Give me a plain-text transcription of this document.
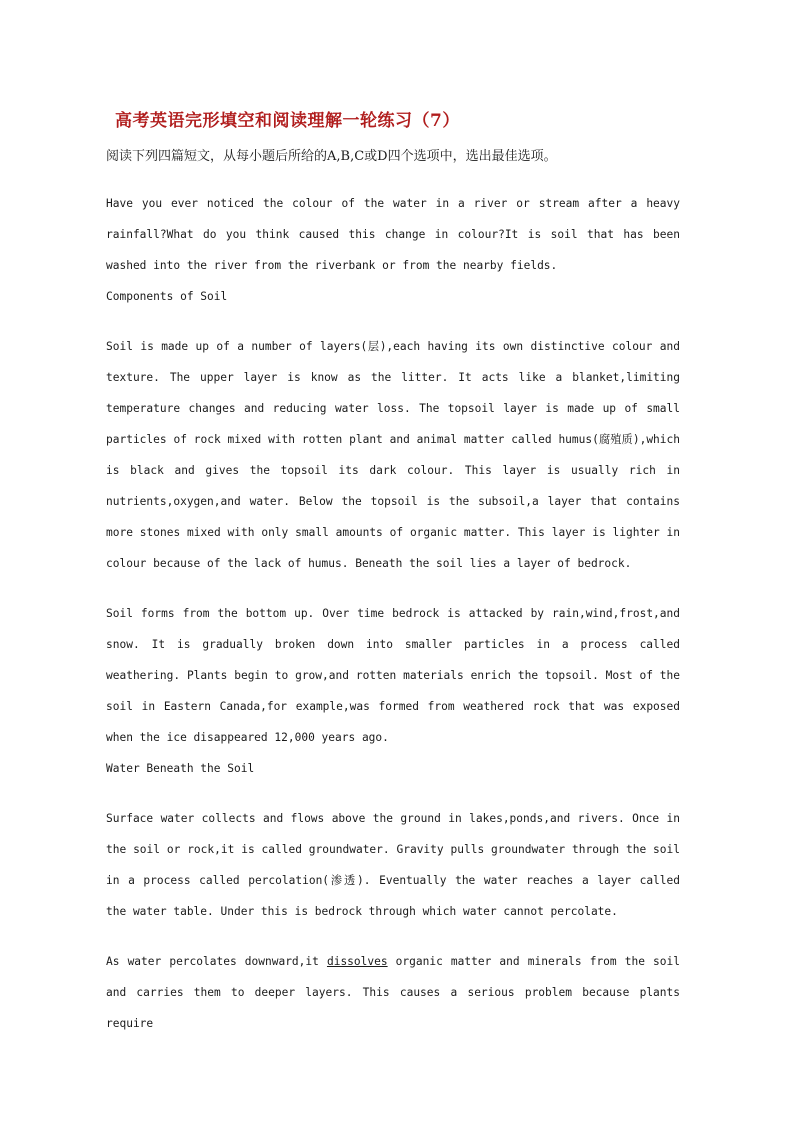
高考英语完形填空和阅读理解一轮练习（7）
阅读下列四篇短文，从每小题后所给的A,B,C或D四个选项中，选出最佳选项。

Have you ever noticed the colour of the water in a river or stream after a heavy rainfall?What do you think caused this change in colour?It is soil that has been washed into the river from the riverbank or from the nearby fields.

Components of Soil

Soil is made up of a number of layers(层),each having its own distinctive colour and texture. The upper layer is know as the litter. It acts like a blanket,limiting temperature changes and reducing water loss. The topsoil layer is made up of small particles of rock mixed with rotten plant and animal matter called humus(腐殖质),which is black and gives the topsoil its dark colour. This layer is usually rich in nutrients,oxygen,and water. Below the topsoil is the subsoil,a layer that contains more stones mixed with only small amounts of organic matter. This layer is lighter in colour because of the lack of humus. Beneath the soil lies a layer of bedrock.

Soil forms from the bottom up. Over time bedrock is attacked by rain,wind,frost,and snow. It is gradually broken down into smaller particles in a process called weathering. Plants begin to grow,and rotten materials enrich the topsoil. Most of the soil in Eastern Canada,for example,was formed from weathered rock that was exposed when the ice disappeared 12,000 years ago.

Water Beneath the Soil

Surface water collects and flows above the ground in lakes,ponds,and rivers. Once in the soil or rock,it is called groundwater. Gravity pulls groundwater through the soil in a process called percolation(渗透). Eventually the water reaches a layer called the water table. Under this is bedrock through which water cannot percolate.

As water percolates downward,it dissolves organic matter and minerals from the soil and carries them to deeper layers. This causes a serious problem because plants require
